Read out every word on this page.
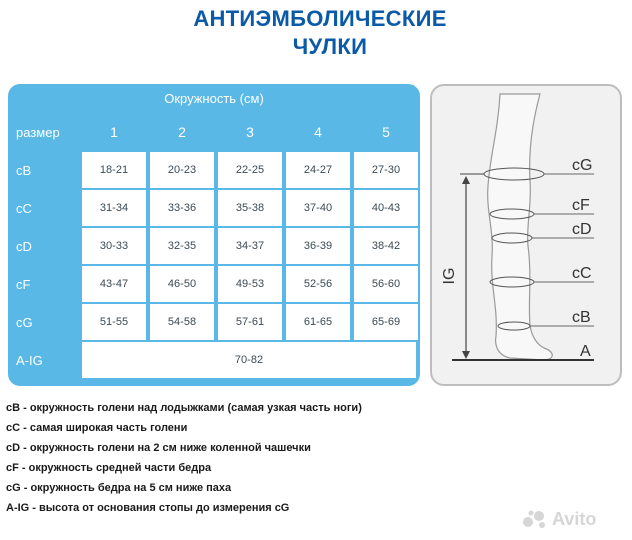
АНТИЭМБОЛИЧЕСКИЕ
ЧУЛКИ
Окружность (см)
размер	1	2	3	4	5
сВ	18-21	20-23	22-25	24-27	27-30
сС	31-34	33-36	35-38	37-40	40-43
сD	30-33	32-35	34-37	36-39	38-42
сF	43-47	46-50	49-53	52-56	56-60
сG	51-55	54-58	57-61	61-65	65-69
A-IG	70-82
IG
cG
cF
cD
cC
cB
A
сВ - окружность голени над лодыжками (самая узкая часть ноги)
сС - самая широкая часть голени
cD - окружность голени на 2 см ниже коленной чашечки
cF - окружность средней части бедра
cG - окружность бедра на 5 см ниже паха
A-IG - высота от основания стопы до измерения cG
Avito
